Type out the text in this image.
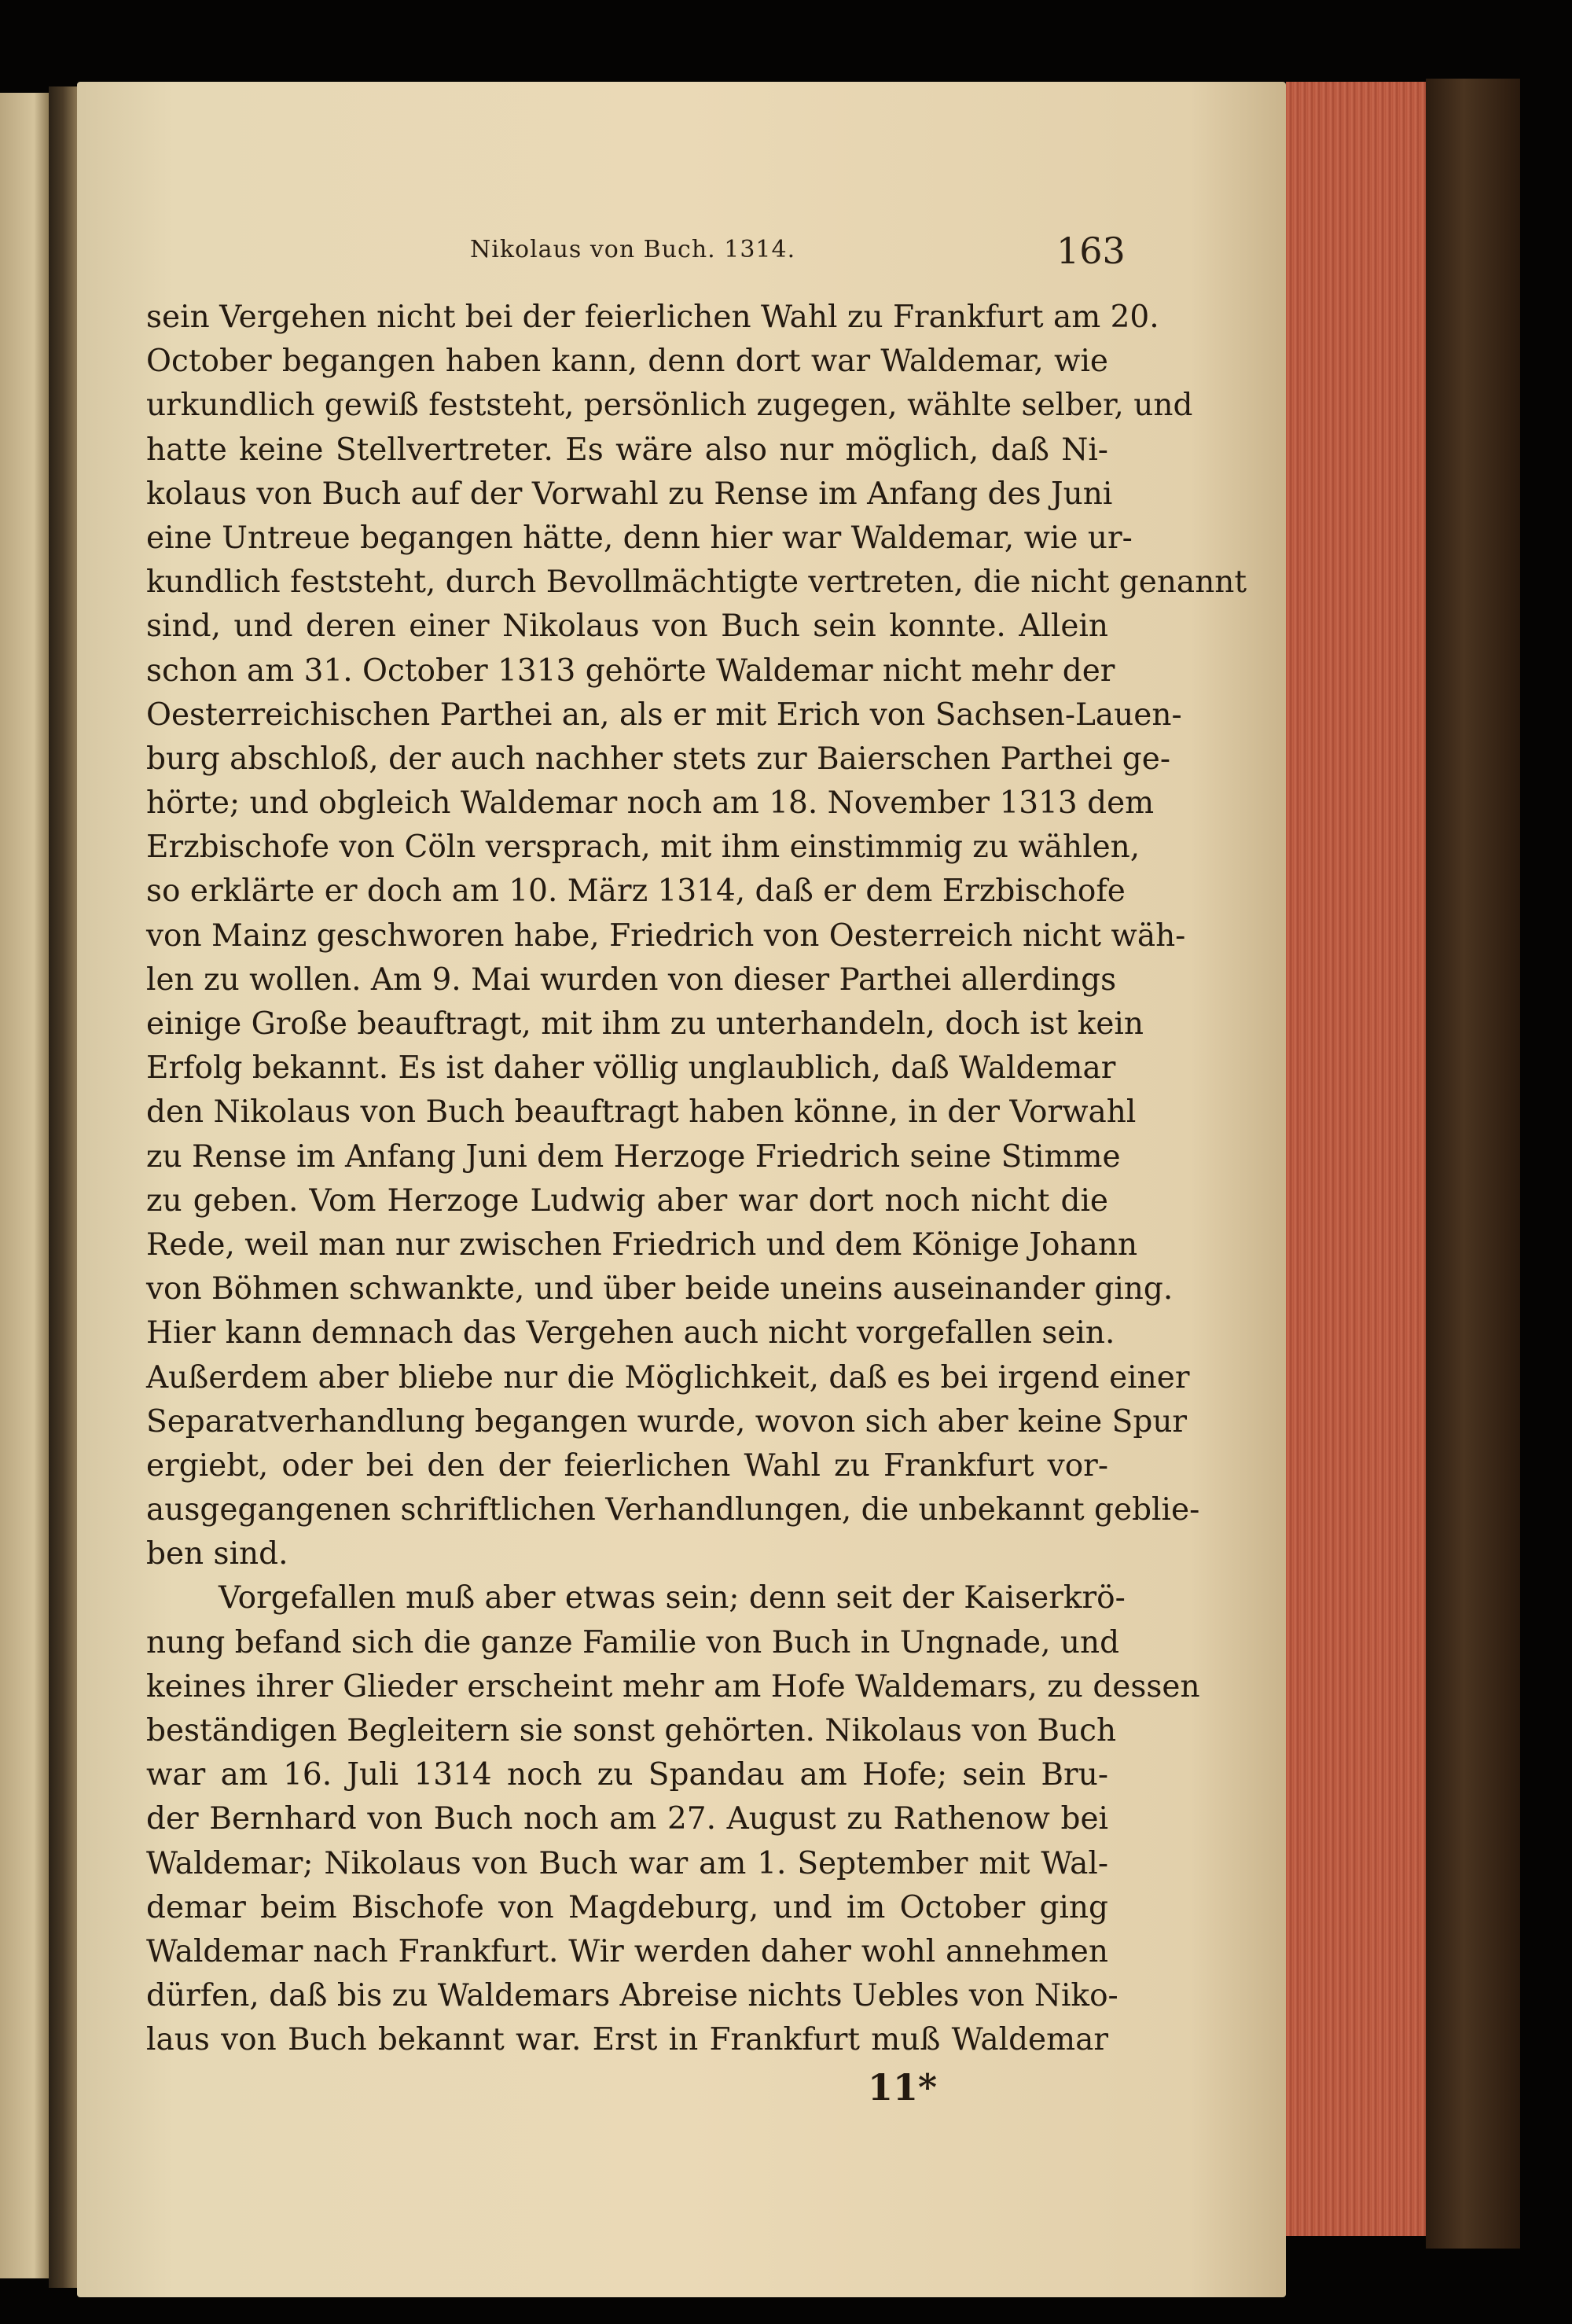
Nikolaus von Buch. 1314.	163
sein Vergehen nicht bei der feierlichen Wahl zu Frankfurt am 20.
October begangen haben kann, denn dort war Waldemar, wie
urkundlich gewiß feststeht, persönlich zugegen, wählte selber, und
hatte keine Stellvertreter. Es wäre also nur möglich, daß Ni-
kolaus von Buch auf der Vorwahl zu Rense im Anfang des Juni
eine Untreue begangen hätte, denn hier war Waldemar, wie ur-
kundlich feststeht, durch Bevollmächtigte vertreten, die nicht genannt
sind, und deren einer Nikolaus von Buch sein konnte. Allein
schon am 31. October 1313 gehörte Waldemar nicht mehr der
Oesterreichischen Parthei an, als er mit Erich von Sachsen-Lauen-
burg abschloß, der auch nachher stets zur Baierschen Parthei ge-
hörte; und obgleich Waldemar noch am 18. November 1313 dem
Erzbischofe von Cöln versprach, mit ihm einstimmig zu wählen,
so erklärte er doch am 10. März 1314, daß er dem Erzbischofe
von Mainz geschworen habe, Friedrich von Oesterreich nicht wäh-
len zu wollen. Am 9. Mai wurden von dieser Parthei allerdings
einige Große beauftragt, mit ihm zu unterhandeln, doch ist kein
Erfolg bekannt. Es ist daher völlig unglaublich, daß Waldemar
den Nikolaus von Buch beauftragt haben könne, in der Vorwahl
zu Rense im Anfang Juni dem Herzoge Friedrich seine Stimme
zu geben. Vom Herzoge Ludwig aber war dort noch nicht die
Rede, weil man nur zwischen Friedrich und dem Könige Johann
von Böhmen schwankte, und über beide uneins auseinander ging.
Hier kann demnach das Vergehen auch nicht vorgefallen sein.
Außerdem aber bliebe nur die Möglichkeit, daß es bei irgend einer
Separatverhandlung begangen wurde, wovon sich aber keine Spur
ergiebt, oder bei den der feierlichen Wahl zu Frankfurt vor-
ausgegangenen schriftlichen Verhandlungen, die unbekannt geblie-
ben sind.
Vorgefallen muß aber etwas sein; denn seit der Kaiserkrö-
nung befand sich die ganze Familie von Buch in Ungnade, und
keines ihrer Glieder erscheint mehr am Hofe Waldemars, zu dessen
beständigen Begleitern sie sonst gehörten. Nikolaus von Buch
war am 16. Juli 1314 noch zu Spandau am Hofe; sein Bru-
der Bernhard von Buch noch am 27. August zu Rathenow bei
Waldemar; Nikolaus von Buch war am 1. September mit Wal-
demar beim Bischofe von Magdeburg, und im October ging
Waldemar nach Frankfurt. Wir werden daher wohl annehmen
dürfen, daß bis zu Waldemars Abreise nichts Uebles von Niko-
laus von Buch bekannt war. Erst in Frankfurt muß Waldemar
11*
